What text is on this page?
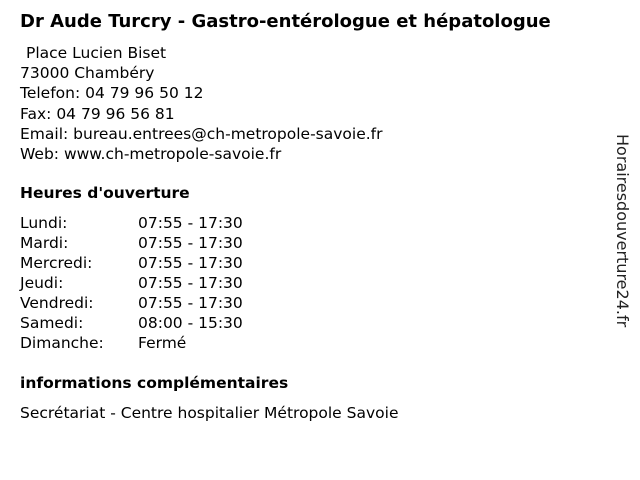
Dr Aude Turcry - Gastro-entérologue et hépatologue
Place Lucien Biset
73000 Chambéry
Telefon: 04 79 96 50 12
Fax: 04 79 96 56 81
Email: bureau.entrees@ch-metropole-savoie.fr
Web: www.ch-metropole-savoie.fr
Heures d'ouverture
Lundi:	07:55 - 17:30
Mardi:	07:55 - 17:30
Mercredi:	07:55 - 17:30
Jeudi:	07:55 - 17:30
Vendredi:	07:55 - 17:30
Samedi:	08:00 - 15:30
Dimanche: Fermé
informations complémentaires
Secrétariat - Centre hospitalier Métropole Savoie
Horairesdouverture24.fr
